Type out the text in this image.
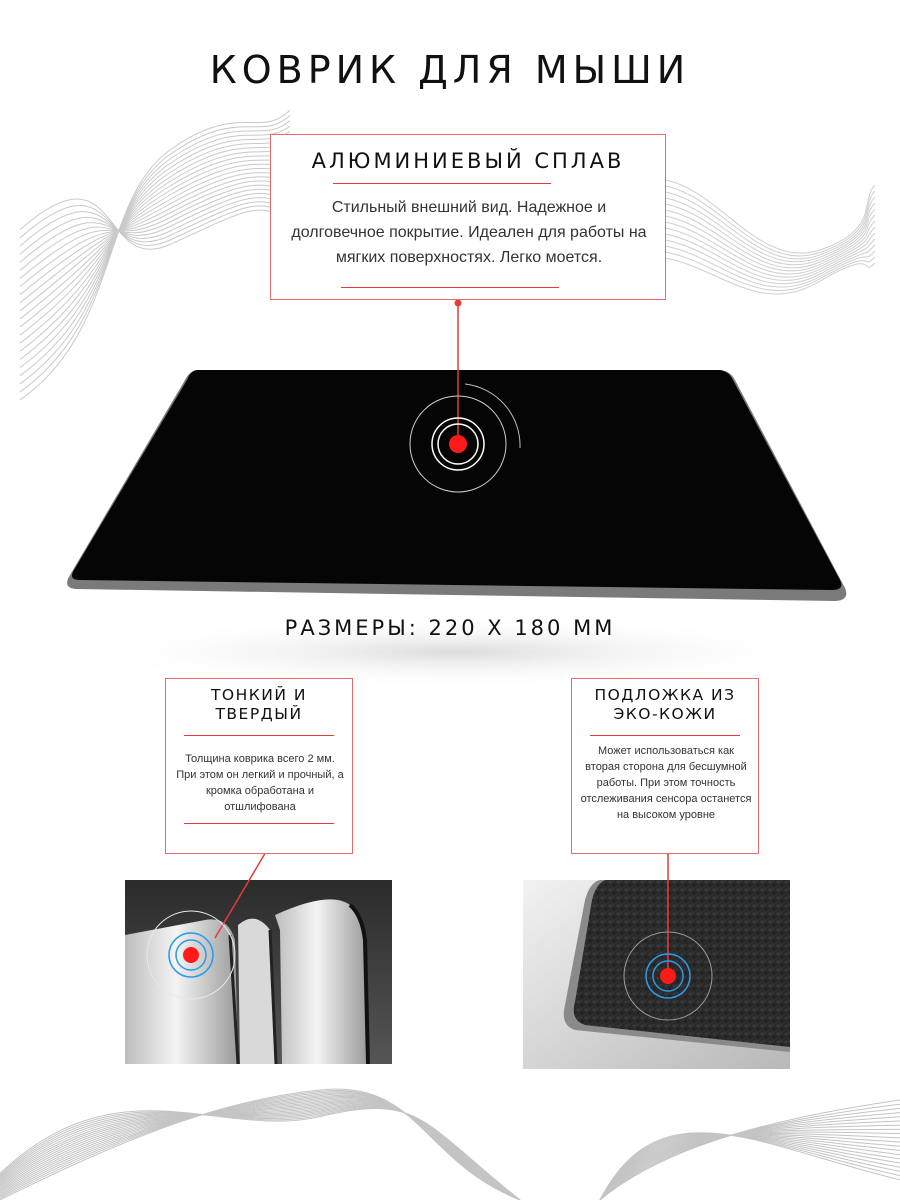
КОВРИК ДЛЯ МЫШИ
АЛЮМИНИЕВЫЙ СПЛАВ
Стильный внешний вид. Надежное и долговечное покрытие. Идеален для работы на мягких поверхностях. Легко моется.
РАЗМЕРЫ: 220 Х 180 ММ
ТОНКИЙ И
ТВЕРДЫЙ
Толщина коврика всего 2 мм. При этом он легкий и прочный, а кромка обработана и отшлифована
ПОДЛОЖКА ИЗ
ЭКО-КОЖИ
Может использоваться как вторая сторона для бесшумной работы. При этом точность отслеживания сенсора останется на высоком уровне
